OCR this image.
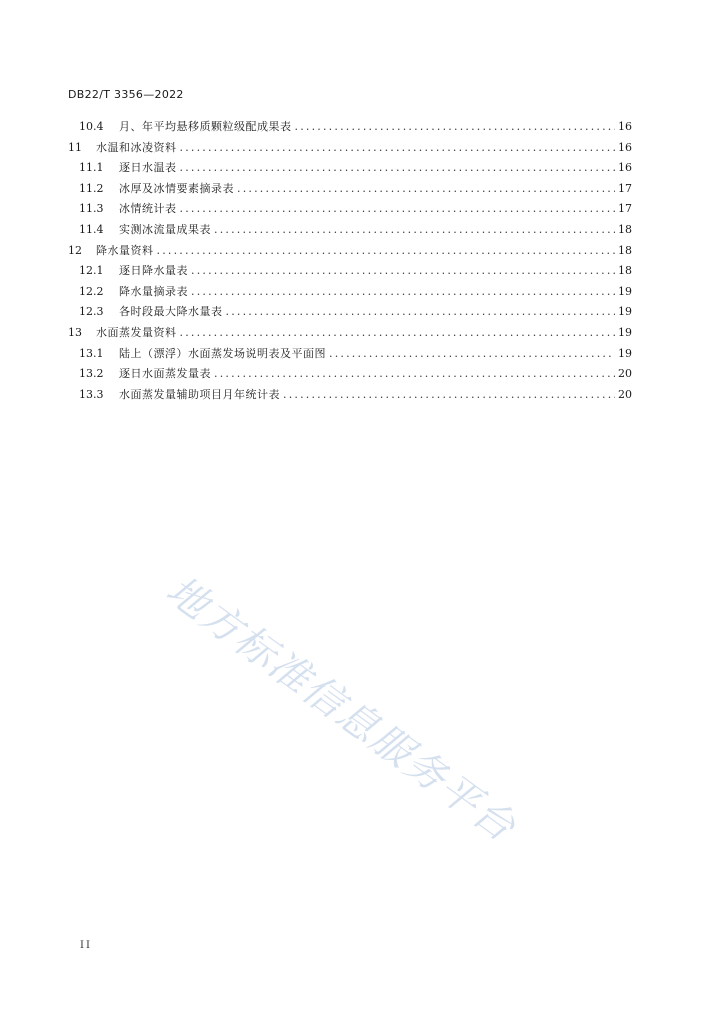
DB22/T 3356—2022
10.4	月、年平均悬移质颗粒级配成果表 .....	16
11	水温和冰凌资料 .....	16
11.1	逐日水温表 .....	16
11.2	冰厚及冰情要素摘录表 .....	17
11.3	冰情统计表 .....	17
11.4	实测冰流量成果表 .....	18
12	降水量资料 .....	18
12.1	逐日降水量表 .....	18
12.2	降水量摘录表 .....	19
12.3	各时段最大降水量表 .....	19
13	水面蒸发量资料 .....	19
13.1	陆上（漂浮）水面蒸发场说明表及平面图 .....	19
13.2	逐日水面蒸发量表 .....	20
13.3	水面蒸发量辅助项目月年统计表 .....	20
地方标准信息服务平台
II
